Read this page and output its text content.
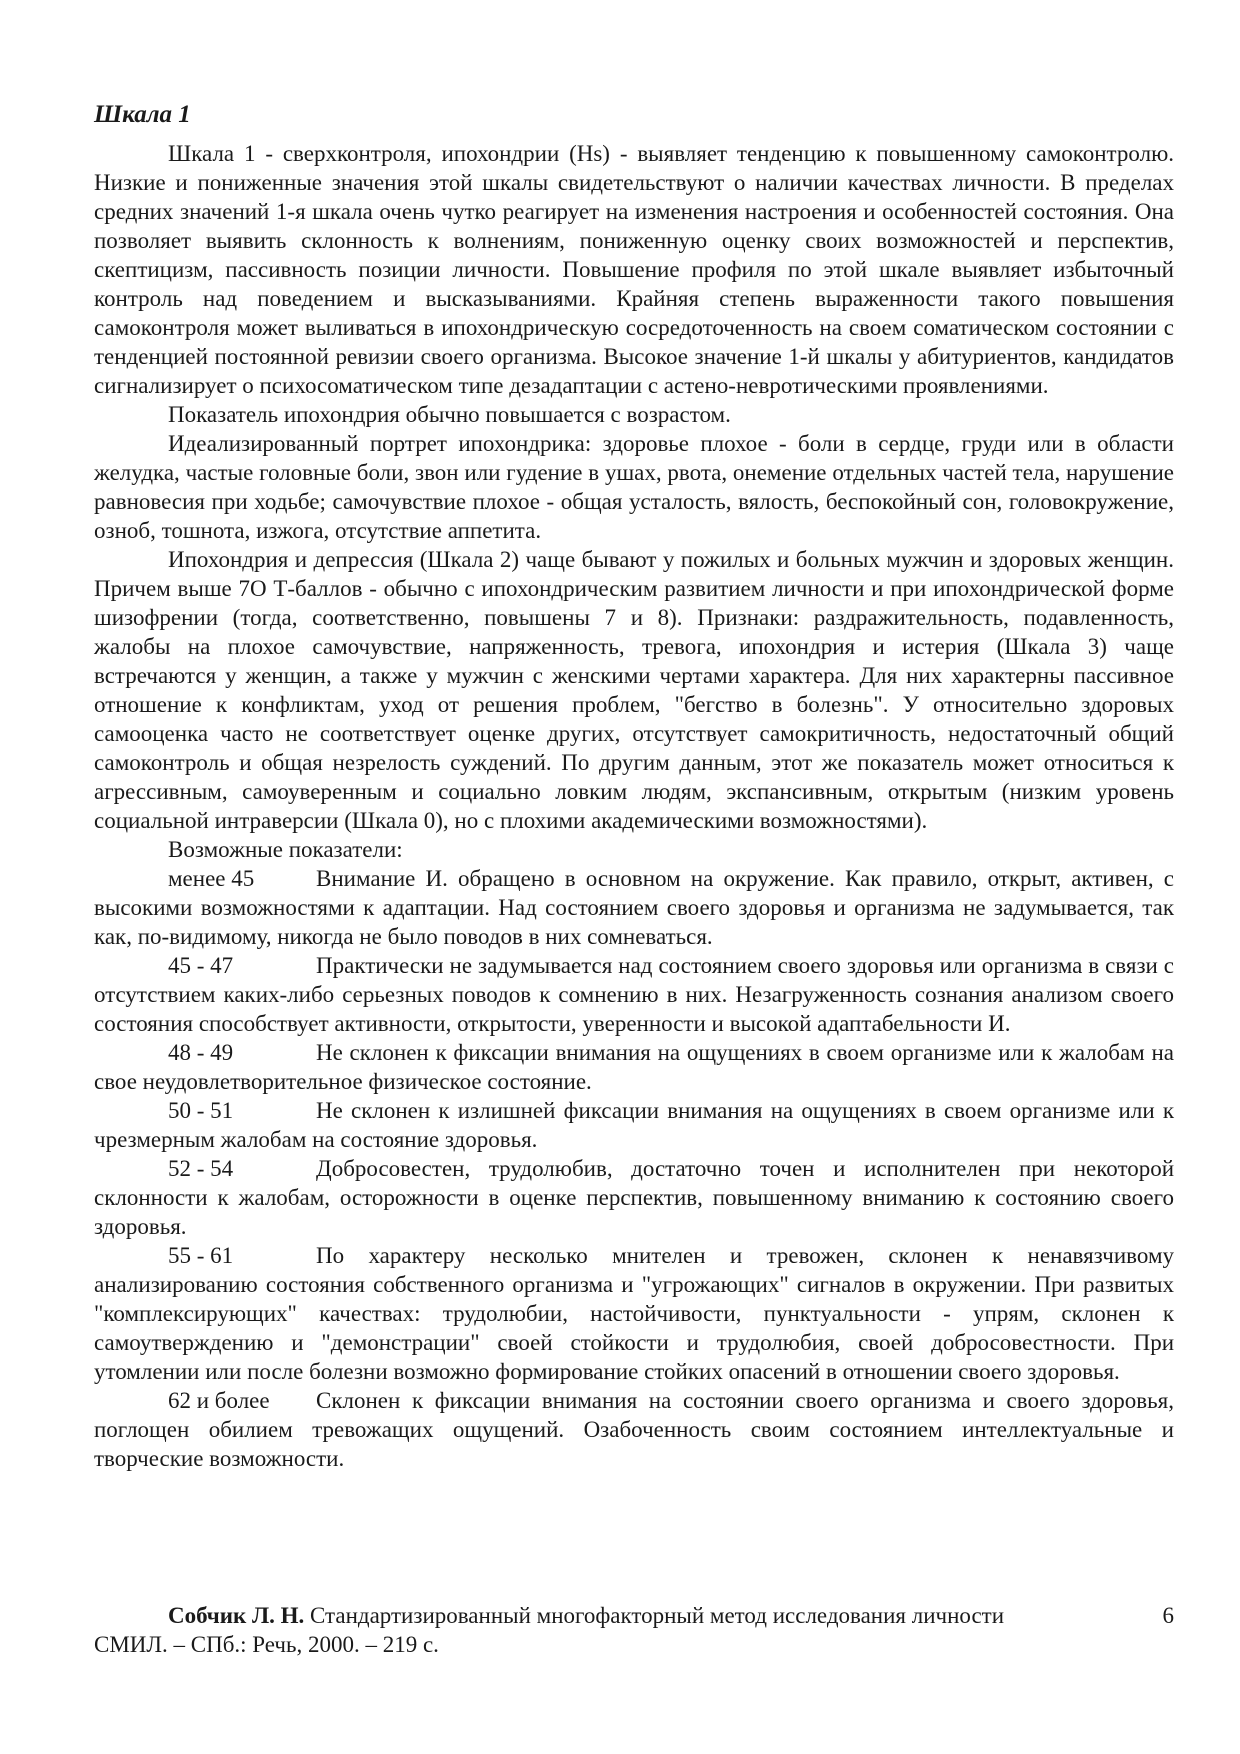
Шкала 1

Шкала 1 - сверхконтроля, ипохондрии (Hs) - выявляет тенденцию к повышенному самоконтролю. Низкие и пониженные значения этой шкалы свидетельствуют о наличии качествах личности. В пределах средних значений 1-я шкала очень чутко реагирует на изменения настроения и особенностей состояния. Она позволяет выявить склонность к волнениям, пониженную оценку своих возможностей и перспектив, скептицизм, пассивность позиции личности. Повышение профиля по этой шкале выявляет избыточный контроль над поведением и высказываниями. Крайняя степень выраженности такого повышения самоконтроля может выливаться в ипохондрическую сосредоточенность на своем соматическом состоянии с тенденцией постоянной ревизии своего организма. Высокое значение 1-й шкалы у абитуриентов, кандидатов сигнализирует о психосоматическом типе дезадаптации с астено-невротическими проявлениями.

Показатель ипохондрия обычно повышается с возрастом.

Идеализированный портрет ипохондрика: здоровье плохое - боли в сердце, груди или в области желудка, частые головные боли, звон или гудение в ушах, рвота, онемение отдельных частей тела, нарушение равновесия при ходьбе; самочувствие плохое - общая усталость, вялость, беспокойный сон, головокружение, озноб, тошнота, изжога, отсутствие аппетита.

Ипохондрия и депрессия (Шкала 2) чаще бывают у пожилых и больных мужчин и здоровых женщин. Причем выше 7О Т-баллов - обычно с ипохондрическим развитием личности и при ипохондрической форме шизофрении (тогда, соответственно, повышены 7 и 8). Признаки: раздражительность, подавленность, жалобы на плохое самочувствие, напряженность, тревога, ипохондрия и истерия (Шкала 3) чаще встречаются у женщин, а также у мужчин с женскими чертами характера. Для них характерны пассивное отношение к конфликтам, уход от решения проблем, "бегство в болезнь". У относительно здоровых самооценка часто не соответствует оценке других, отсутствует самокритичность, недостаточный общий самоконтроль и общая незрелость суждений. По другим данным, этот же показатель может относиться к агрессивным, самоуверенным и социально ловким людям, экспансивным, открытым (низким уровень социальной интраверсии (Шкала 0), но с плохими академическими возможностями).

Возможные показатели:

менее 45	Внимание И. обращено в основном на окружение. Как правило, открыт, активен, с высокими возможностями к адаптации. Над состоянием своего здоровья и организма не задумывается, так как, по-видимому, никогда не было поводов в них сомневаться.

45 - 47	Практически не задумывается над состоянием своего здоровья или организма в связи с отсутствием каких-либо серьезных поводов к сомнению в них. Незагруженность сознания анализом своего состояния способствует активности, открытости, уверенности и высокой адаптабельности И.

48 - 49	Не склонен к фиксации внимания на ощущениях в своем организме или к жалобам на свое неудовлетворительное физическое состояние.

50 - 51	Не склонен к излишней фиксации внимания на ощущениях в своем организме или к чрезмерным жалобам на состояние здоровья.

52 - 54	Добросовестен, трудолюбив, достаточно точен и исполнителен при некоторой склонности к жалобам, осторожности в оценке перспектив, повышенному вниманию к состоянию своего здоровья.

55 - 61	По характеру несколько мнителен и тревожен, склонен к ненавязчивому анализированию состояния собственного организма и "угрожающих" сигналов в окружении. При развитых "комплексирующих" качествах: трудолюбии, настойчивости, пунктуальности - упрям, склонен к самоутверждению и "демонстрации" своей стойкости и трудолюбия, своей добросовестности. При утомлении или после болезни возможно формирование стойких опасений в отношении своего здоровья.

62 и более Склонен к фиксации внимания на состоянии своего организма и своего здоровья, поглощен обилием тревожащих ощущений. Озабоченность своим состоянием интеллектуальные и творческие возможности.

Собчик Л. Н. Стандартизированный многофакторный метод исследования личности	6

СМИЛ. – СПб.: Речь, 2000. – 219 с.
